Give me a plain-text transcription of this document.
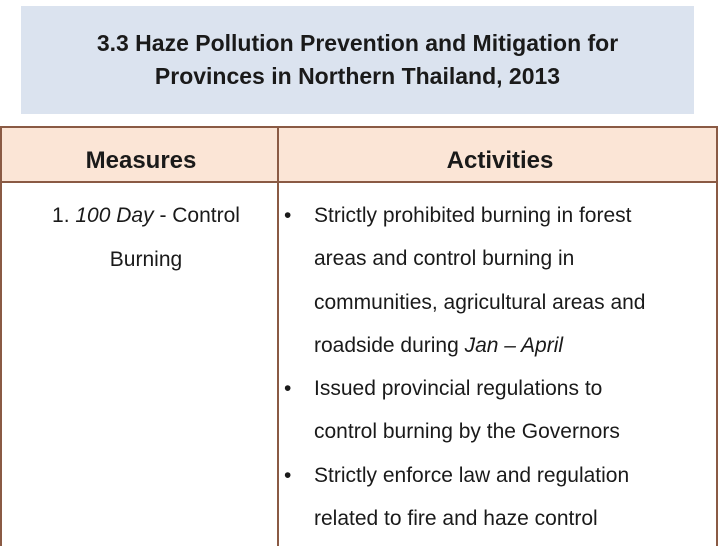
3.3 Haze Pollution Prevention and Mitigation for
Provinces in Northern Thailand, 2013
Measures	Activities
1. 100 Day - Control
Burning
• Strictly prohibited burning in forest
areas and control burning in
communities, agricultural areas and
roadside during Jan – April
• Issued provincial regulations to
control burning by the Governors
• Strictly enforce law and regulation
related to fire and haze control
